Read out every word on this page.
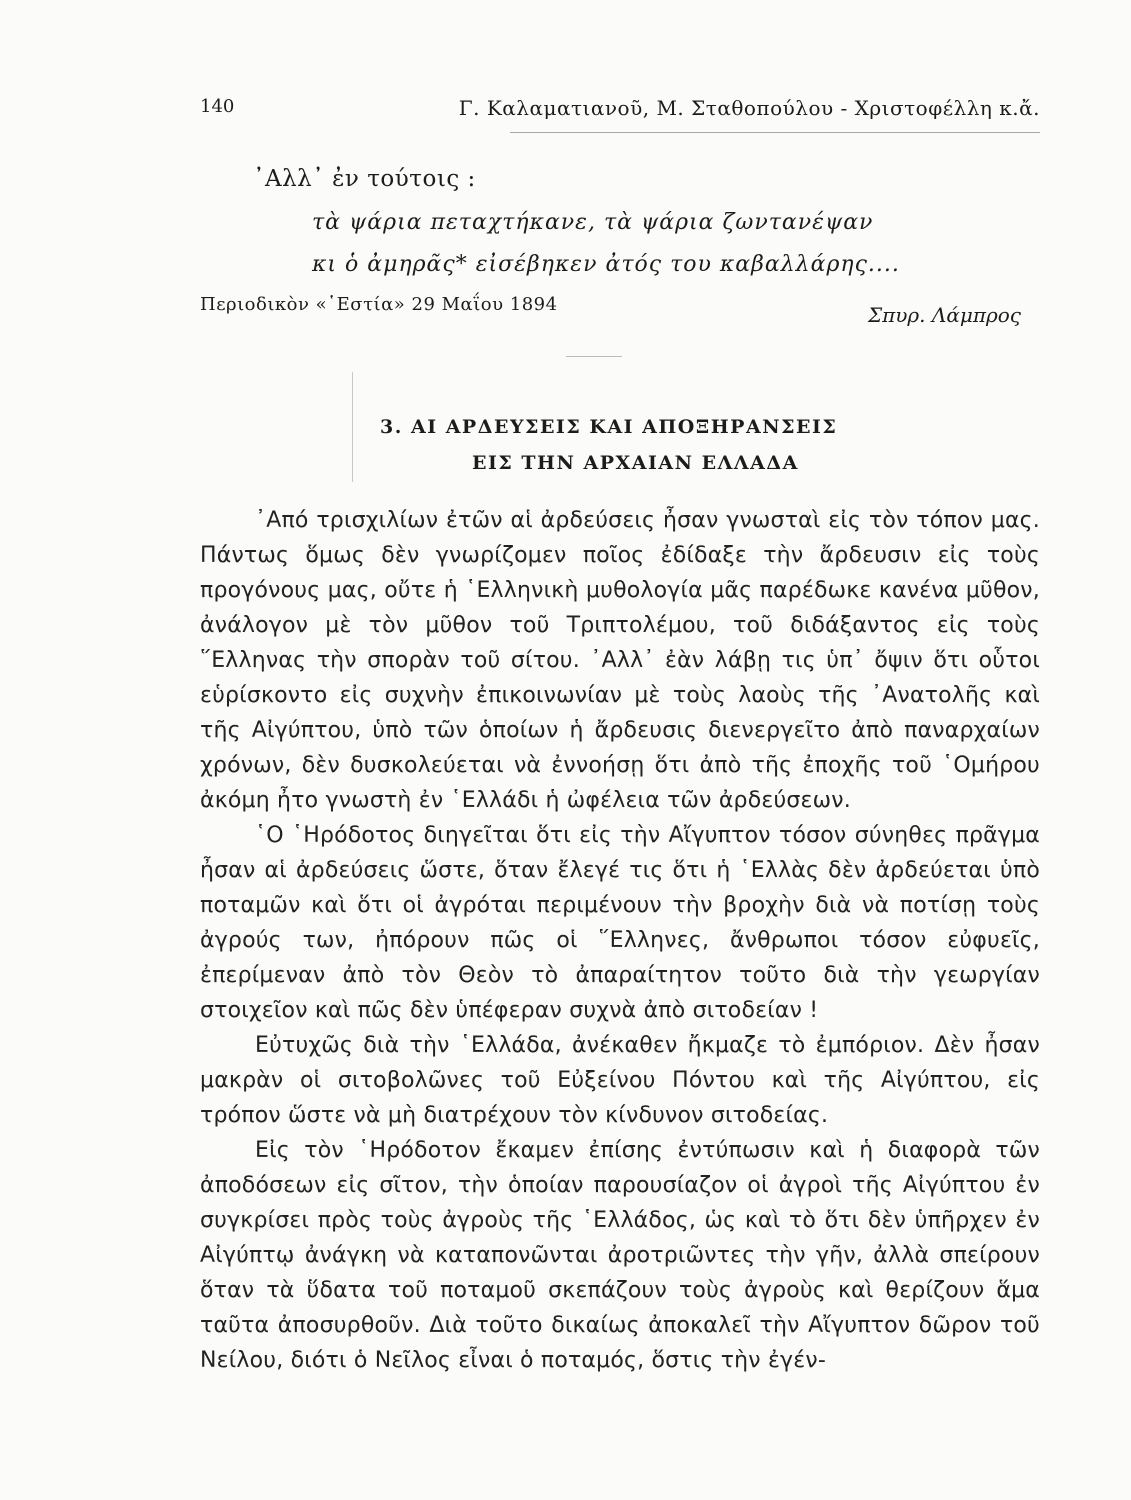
140	Γ. Καλαματιανοῦ, Μ. Σταθοπούλου - Χριστοφέλλη κ.ἄ.
᾿Αλλ᾿ ἐν τούτοις :
τὰ ψάρια πεταχτήκανε, τὰ ψάρια ζωντανέψαν
κι ὁ ἀμηρᾶς* εἰσέβηκεν ἀτός του καβαλλάρης....
Περιοδικὸν «῾Εστία» 29 Μαΐου 1894	Σπυρ. Λάμπρος
3. ΑΙ ΑΡΔΕΥΣΕΙΣ ΚΑΙ ΑΠΟΞΗΡΑΝΣΕΙΣ
ΕΙΣ ΤΗΝ ΑΡΧΑΙΑΝ ΕΛΛΑΔΑ

᾿Από τρισχιλίων ἐτῶν αἱ ἀρδεύσεις ἦσαν γνωσταὶ εἰς τὸν τόπον μας. Πάντως ὅμως δὲν γνωρίζομεν ποῖος ἐδίδαξε τὴν ἄρδευσιν εἰς τοὺς προγόνους μας, οὔτε ἡ ῾Ελληνικὴ μυθολογία μᾶς παρέδωκε κανένα μῦθον, ἀνάλογον μὲ τὸν μῦθον τοῦ Τριπτολέμου, τοῦ διδάξαντος εἰς τοὺς ῞Ελληνας τὴν σπορὰν τοῦ σίτου. ᾿Αλλ᾿ ἐὰν λάβῃ τις ὑπ᾿ ὄψιν ὅτι οὗτοι εὑρίσκοντο εἰς συχνὴν ἐπικοινωνίαν μὲ τοὺς λαοὺς τῆς ᾿Ανατολῆς καὶ τῆς Αἰγύπτου, ὑπὸ τῶν ὁποίων ἡ ἄρδευσις διενεργεῖτο ἀπὸ παναρχαίων χρόνων, δὲν δυσκολεύεται νὰ ἐννοήσῃ ὅτι ἀπὸ τῆς ἐποχῆς τοῦ ῾Ομήρου ἀκόμη ἦτο γνωστὴ ἐν ῾Ελλάδι ἡ ὠφέλεια τῶν ἀρδεύσεων.

῾Ο ῾Ηρόδοτος διηγεῖται ὅτι εἰς τὴν Αἴγυπτον τόσον σύνηθες πρᾶγμα ἦσαν αἱ ἀρδεύσεις ὥστε, ὅταν ἔλεγέ τις ὅτι ἡ ῾Ελλὰς δὲν ἀρδεύεται ὑπὸ ποταμῶν καὶ ὅτι οἱ ἀγρόται περιμένουν τὴν βροχὴν διὰ νὰ ποτίσῃ τοὺς ἀγρούς των, ἠπόρουν πῶς οἱ ῞Ελληνες, ἄνθρωποι τόσον εὐφυεῖς, ἐπερίμεναν ἀπὸ τὸν Θεὸν τὸ ἀπαραίτητον τοῦτο διὰ τὴν γεωργίαν στοιχεῖον καὶ πῶς δὲν ὑπέφεραν συχνὰ ἀπὸ σιτοδείαν !

Εὐτυχῶς διὰ τὴν ῾Ελλάδα, ἀνέκαθεν ἤκμαζε τὸ ἐμπόριον. Δὲν ἦσαν μακρὰν οἱ σιτοβολῶνες τοῦ Εὐξείνου Πόντου καὶ τῆς Αἰγύπτου, εἰς τρόπον ὥστε νὰ μὴ διατρέχουν τὸν κίνδυνον σιτοδείας.

Εἰς τὸν ῾Ηρόδοτον ἔκαμεν ἐπίσης ἐντύπωσιν καὶ ἡ διαφορὰ τῶν ἀποδόσεων εἰς σῖτον, τὴν ὁποίαν παρουσίαζον οἱ ἀγροὶ τῆς Αἰγύπτου ἐν συγκρίσει πρὸς τοὺς ἀγροὺς τῆς ῾Ελλάδος, ὡς καὶ τὸ ὅτι δὲν ὑπῆρχεν ἐν Αἰγύπτῳ ἀνάγκη νὰ καταπονῶνται ἀροτριῶντες τὴν γῆν, ἀλλὰ σπείρουν ὅταν τὰ ὕδατα τοῦ ποταμοῦ σκεπάζουν τοὺς ἀγροὺς καὶ θερίζουν ἅμα ταῦτα ἀποσυρθοῦν. Διὰ τοῦτο δικαίως ἀποκαλεῖ τὴν Αἴγυπτον δῶρον τοῦ Νείλου, διότι ὁ Νεῖλος εἶναι ὁ ποταμός, ὅστις τὴν ἐγέν-
